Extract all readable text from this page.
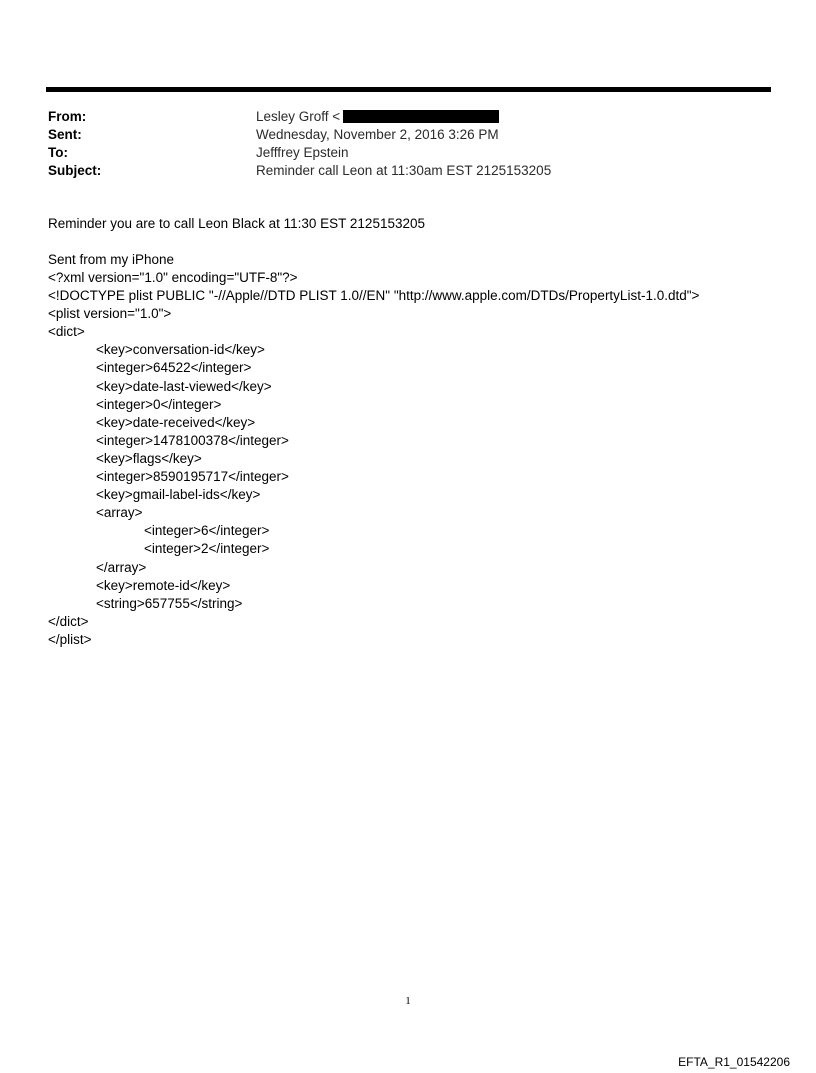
From:	Lesley Groff <
Sent:	Wednesday, November 2, 2016 3:26 PM
To:	Jefffrey Epstein
Subject:	Reminder call Leon at 11:30am EST 2125153205
Reminder you are to call Leon Black at 11:30 EST 2125153205
Sent from my iPhone
<?xml version="1.0" encoding="UTF-8"?>
<!DOCTYPE plist PUBLIC "-//Apple//DTD PLIST 1.0//EN" "http://www.apple.com/DTDs/PropertyList-1.0.dtd">
<plist version="1.0">
<dict>
<key>conversation-id</key>
<integer>64522</integer>
<key>date-last-viewed</key>
<integer>0</integer>
<key>date-received</key>
<integer>1478100378</integer>
<key>flags</key>
<integer>8590195717</integer>
<key>gmail-label-ids</key>
<array>
<integer>6</integer>
<integer>2</integer>
</array>
<key>remote-id</key>
<string>657755</string>
</dict>
</plist>
1
EFTA_R1_01542206
